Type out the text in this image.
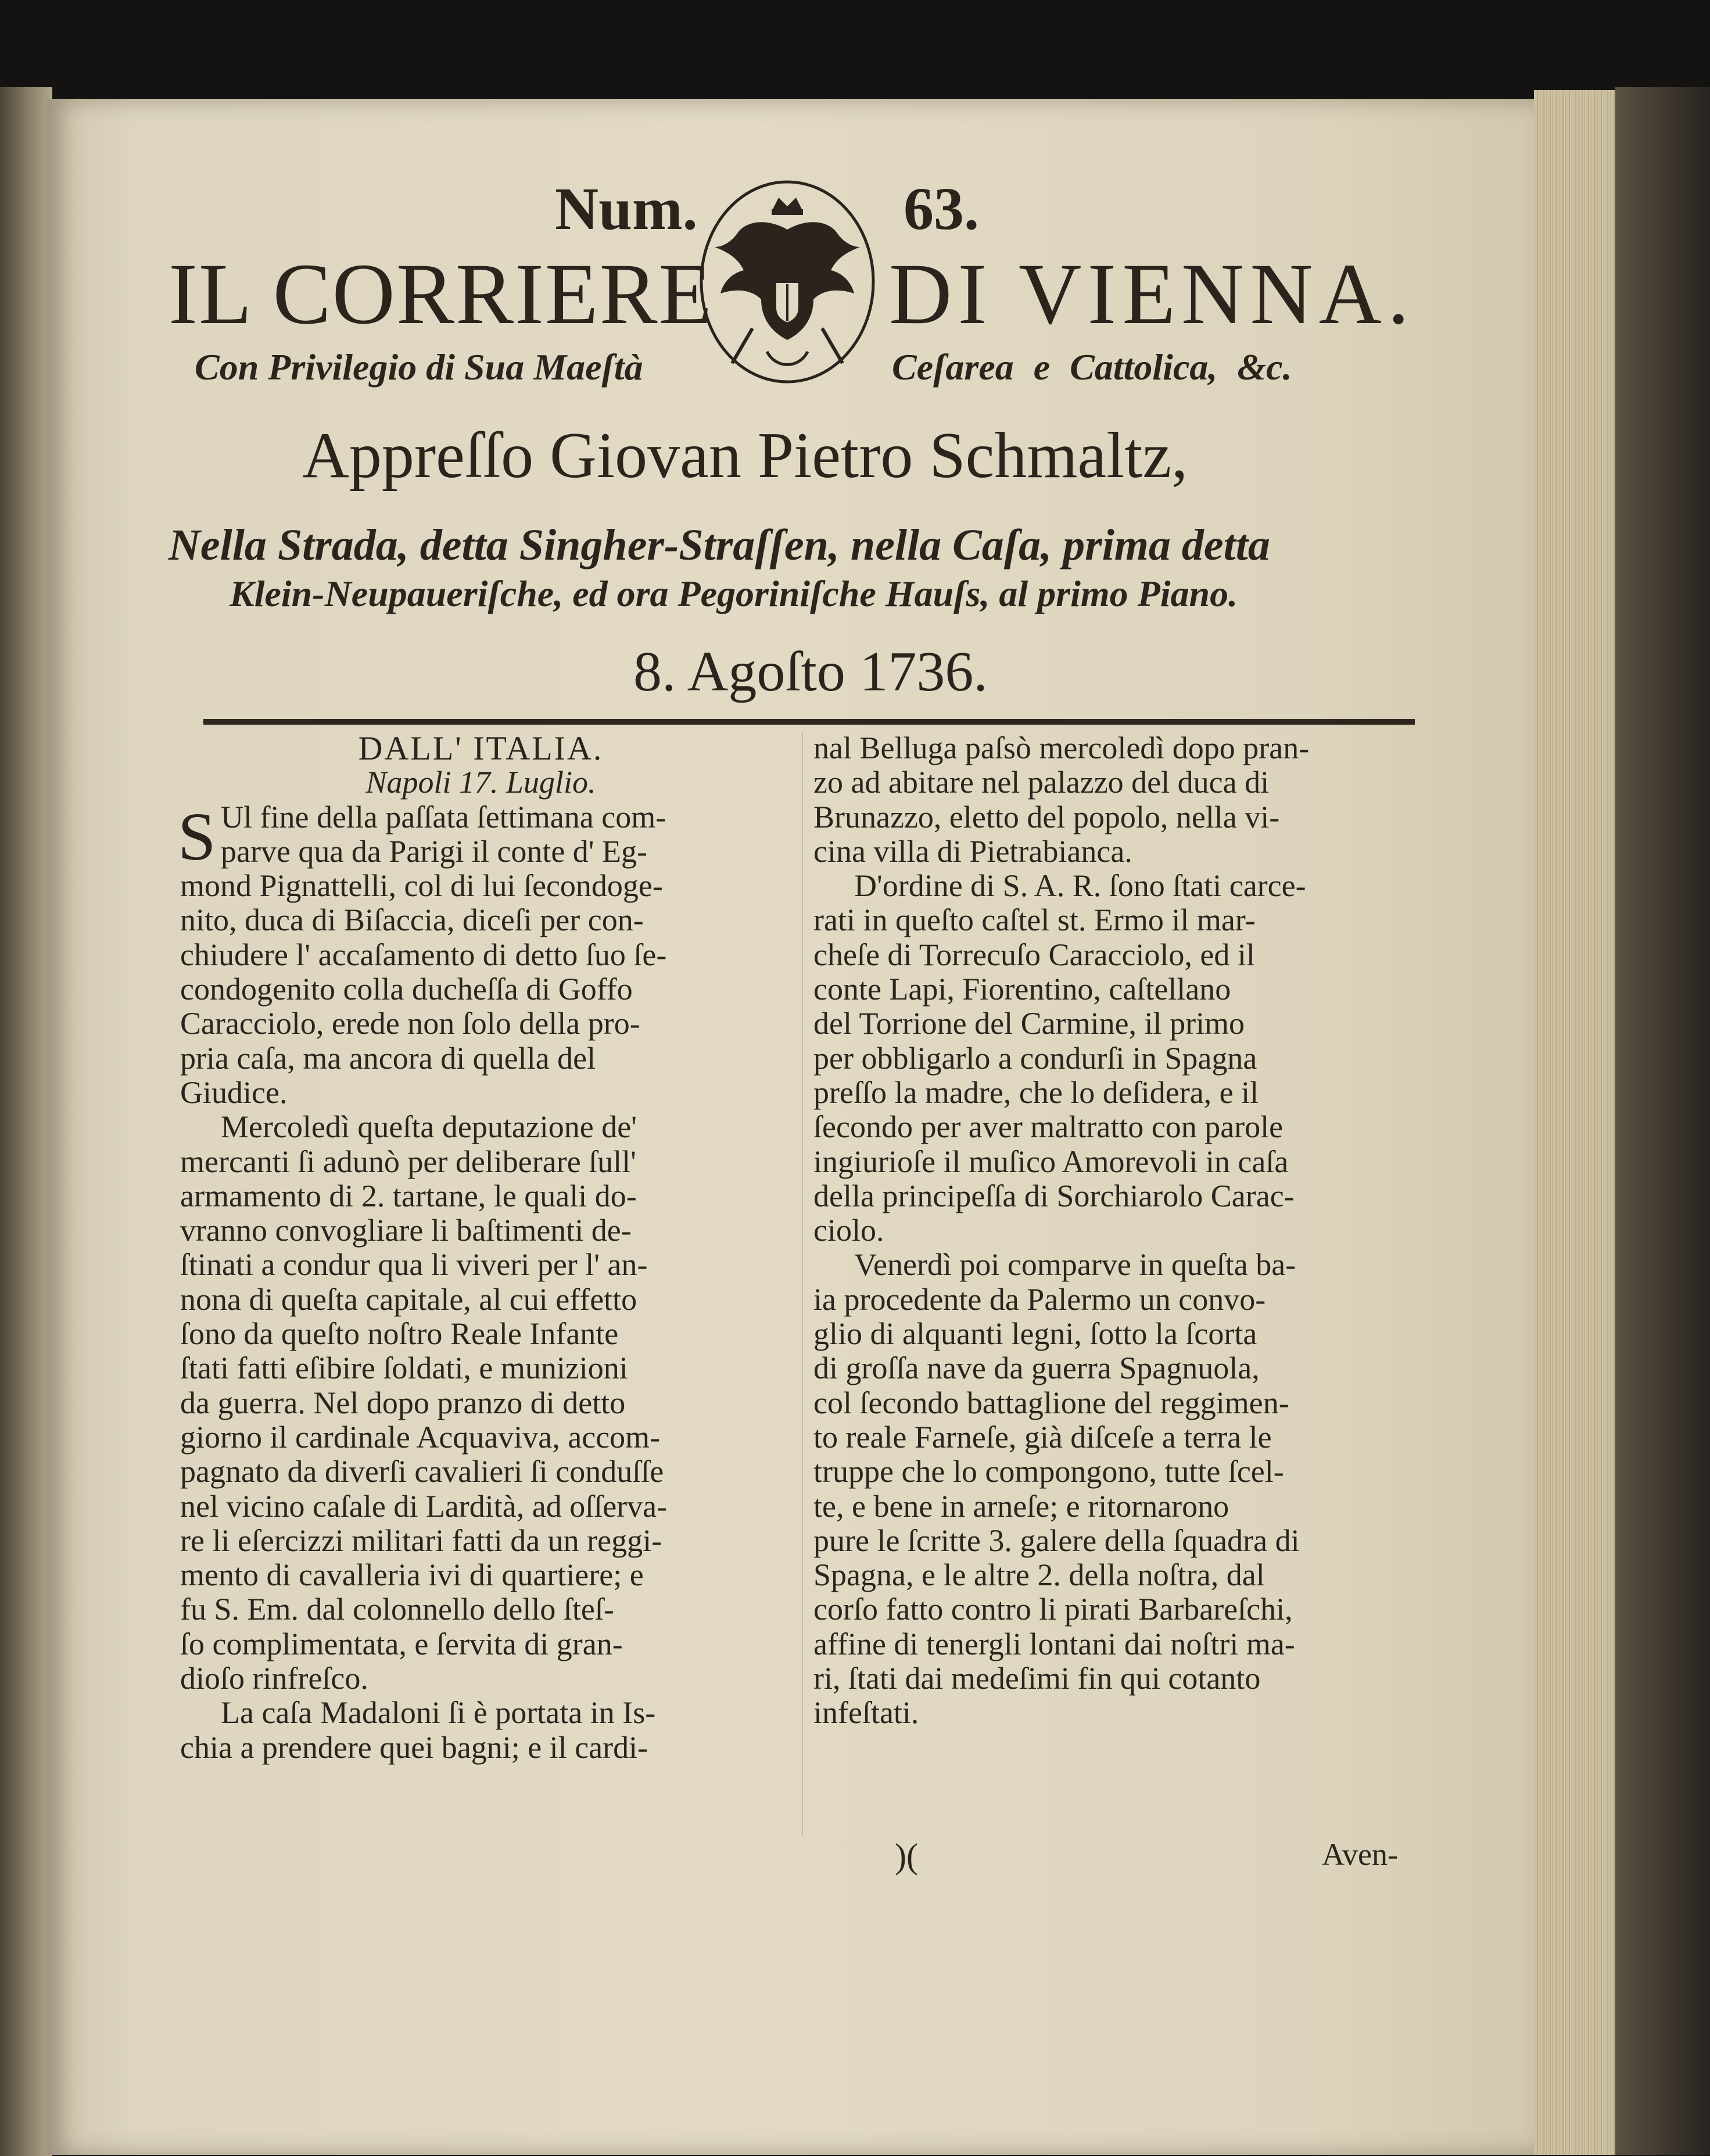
Num.	63.
IL CORRIERE DI VIENNA.
Con Privilegio di Sua Maeſtà	Ceſarea e Cattolica, &c.
Appreſſo Giovan Pietro Schmaltz,
Nella Strada, detta Singher-Straſſen, nella Caſa, prima detta
Klein-Neupaueriſche, ed ora Pegoriniſche Hauſs, al primo Piano.
8. Agoſto 1736.

DALL' ITALIA.

Napoli 17. Luglio.

S Ul fine della paſſata ſettimana com-
parve qua da Parigi il conte d' Eg-
mond Pignattelli, col di lui ſecondoge-
nito, duca di Biſaccia, diceſi per con-
chiudere l' accaſamento di detto ſuo ſe-
condogenito colla ducheſſa di Goffo
Caracciolo, erede non ſolo della pro-
pria caſa, ma ancora di quella del
Giudice.
Mercoledì queſta deputazione de'
mercanti ſi adunò per deliberare ſull'
armamento di 2. tartane, le quali do-
vranno convogliare li baſtimenti de-
ſtinati a condur qua li viveri per l' an-
nona di queſta capitale, al cui effetto
ſono da queſto noſtro Reale Infante
ſtati fatti eſibire ſoldati, e munizioni
da guerra. Nel dopo pranzo di detto
giorno il cardinale Acquaviva, accom-
pagnato da diverſi cavalieri ſi conduſſe
nel vicino caſale di Lardità, ad oſſerva-
re li eſercizzi militari fatti da un reggi-
mento di cavalleria ivi di quartiere; e
fu S. Em. dal colonnello dello ſteſ-
ſo complimentata, e ſervita di gran-
dioſo rinfreſco.
La caſa Madaloni ſi è portata in Is-
chia a prendere quei bagni; e il cardi-
nal Belluga paſsò mercoledì dopo pran-
zo ad abitare nel palazzo del duca di
Brunazzo, eletto del popolo, nella vi-
cina villa di Pietrabianca.
D'ordine di S. A. R. ſono ſtati carce-
rati in queſto caſtel st. Ermo il mar-
cheſe di Torrecuſo Caracciolo, ed il
conte Lapi, Fiorentino, caſtellano
del Torrione del Carmine, il primo
per obbligarlo a condurſi in Spagna
preſſo la madre, che lo deſidera, e il
ſecondo per aver maltratto con parole
ingiurioſe il muſico Amorevoli in caſa
della principeſſa di Sorchiarolo Carac-
ciolo.
Venerdì poi comparve in queſta ba-
ia procedente da Palermo un convo-
glio di alquanti legni, ſotto la ſcorta
di groſſa nave da guerra Spagnuola,
col ſecondo battaglione del reggimen-
to reale Farneſe, già diſceſe a terra le
truppe che lo compongono, tutte ſcel-
te, e bene in arneſe; e ritornarono
pure le ſcritte 3. galere della ſquadra di
Spagna, e le altre 2. della noſtra, dal
corſo fatto contro li pirati Barbareſchi,
affine di tenergli lontani dai noſtri ma-
ri, ſtati dai medeſimi fin qui cotanto
infeſtati.
)(	Aven-
